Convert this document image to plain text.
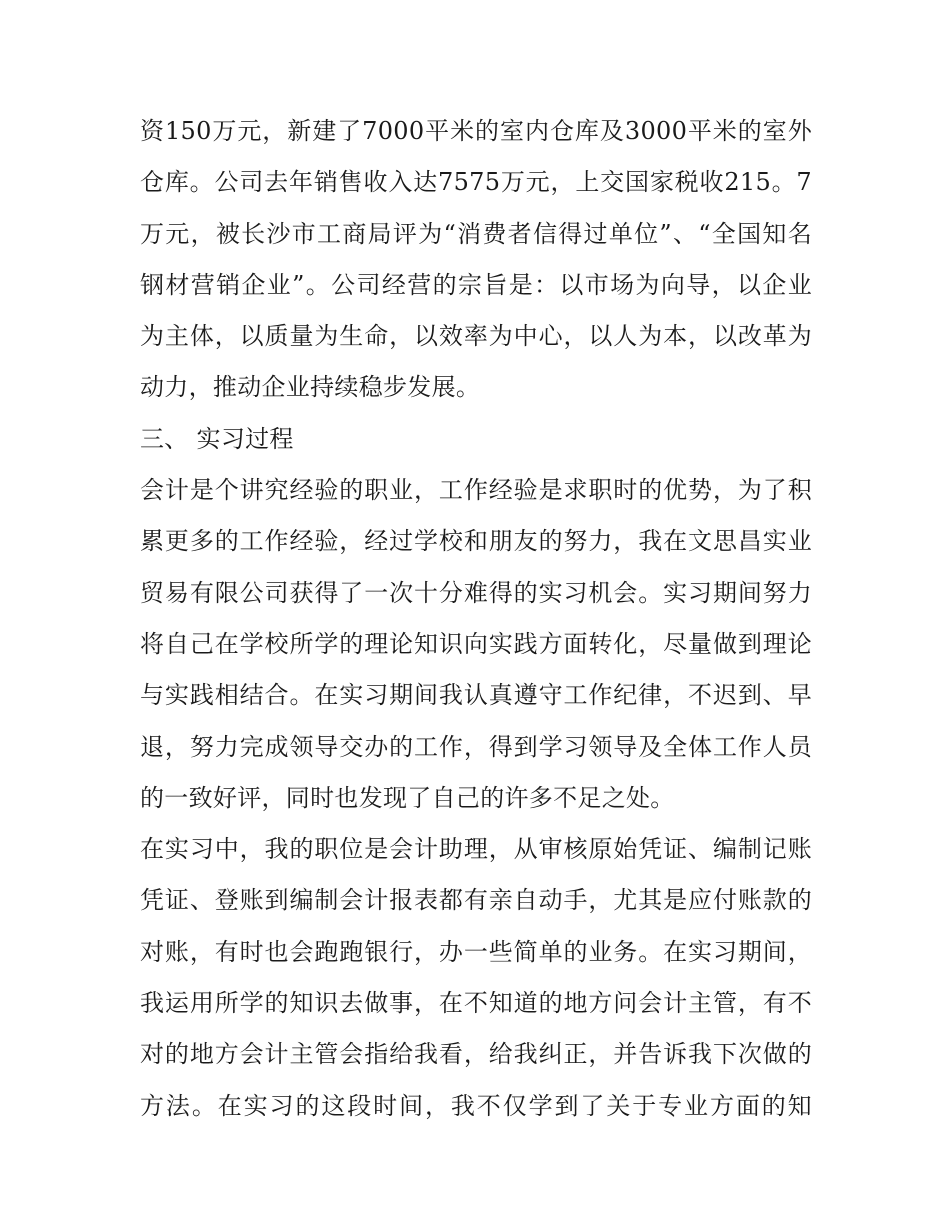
资150万元，新建了7000平米的室内仓库及3000平米的室外
仓库。公司去年销售收入达7575万元，上交国家税收215。7
万元，被长沙市工商局评为“消费者信得过单位”、“全国知名
钢材营销企业”。公司经营的宗旨是：以市场为向导，以企业
为主体，以质量为生命，以效率为中心，以人为本，以改革为
动力，推动企业持续稳步发展。
三、 实习过程
会计是个讲究经验的职业，工作经验是求职时的优势，为了积
累更多的工作经验，经过学校和朋友的努力，我在文思昌实业
贸易有限公司获得了一次十分难得的实习机会。实习期间努力
将自己在学校所学的理论知识向实践方面转化，尽量做到理论
与实践相结合。在实习期间我认真遵守工作纪律，不迟到、早
退，努力完成领导交办的工作，得到学习领导及全体工作人员
的一致好评，同时也发现了自己的许多不足之处。
在实习中，我的职位是会计助理，从审核原始凭证、编制记账
凭证、登账到编制会计报表都有亲自动手，尤其是应付账款的
对账，有时也会跑跑银行，办一些简单的业务。在实习期间，
我运用所学的知识去做事，在不知道的地方问会计主管，有不
对的地方会计主管会指给我看，给我纠正，并告诉我下次做的
方法。在实习的这段时间，我不仅学到了关于专业方面的知
